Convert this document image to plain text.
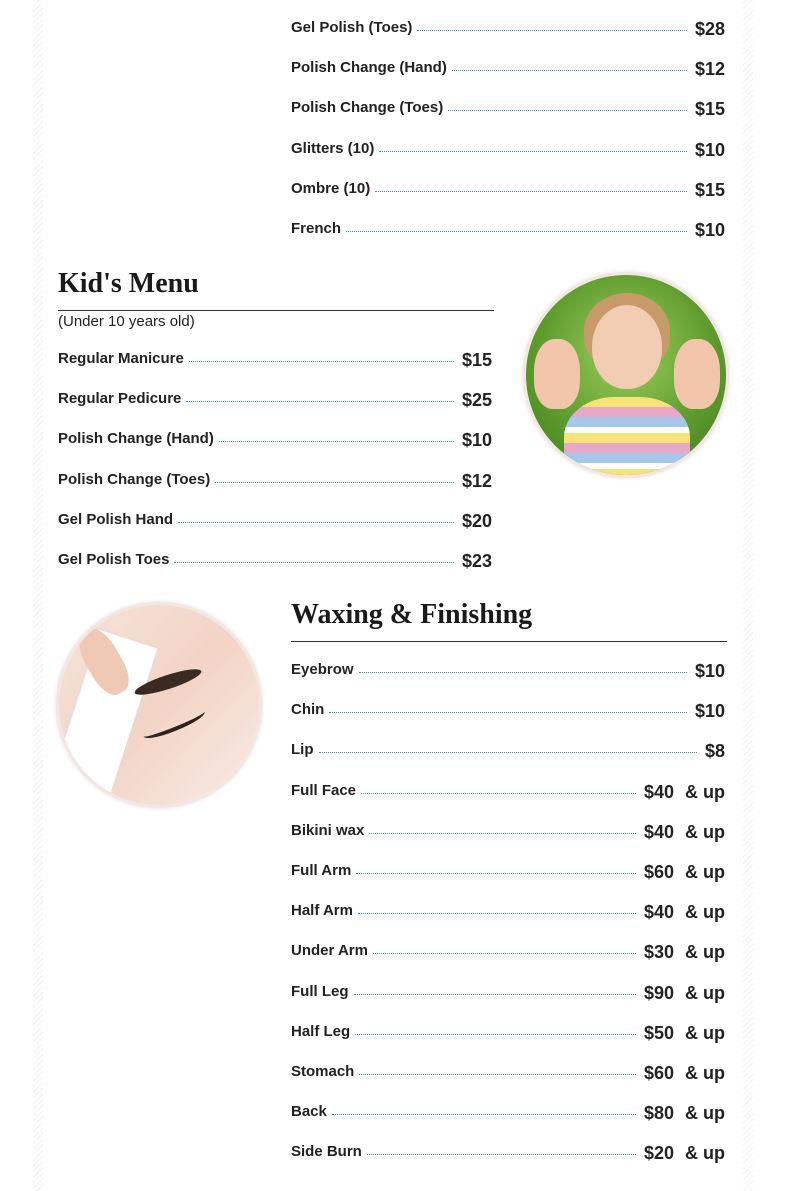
Gel Polish (Toes)	$28
Polish Change (Hand)	$12
Polish Change (Toes)	$15
Glitters (10)	$10
Ombre (10)	$15
French	$10
Kid's Menu
(Under 10 years old)
Regular Manicure	$15
Regular Pedicure	$25
Polish Change (Hand)	$10
Polish Change (Toes)	$12
Gel Polish Hand	$20
Gel Polish Toes	$23
Waxing & Finishing
Eyebrow	$10
Chin	$10
Lip	$8
Full Face	$40 & up
Bikini wax	$40 & up
Full Arm	$60 & up
Half Arm	$40 & up
Under Arm	$30 & up
Full Leg	$90 & up
Half Leg	$50 & up
Stomach	$60 & up
Back	$80 & up
Side Burn	$20 & up
